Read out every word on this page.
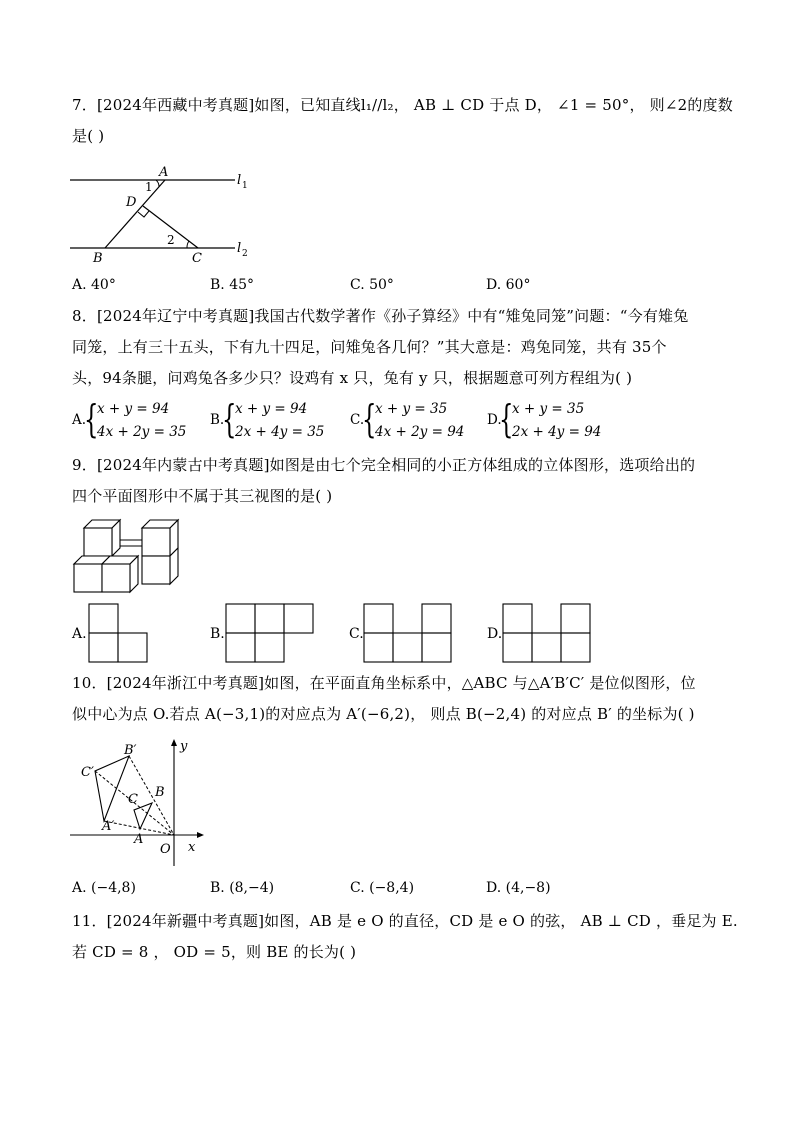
7．[2024年西藏中考真题]如图，已知直线l₁//l₂， AB ⊥ CD 于点 D， ∠1 = 50°， 则∠2的度数
是( )
A
D
1
2
B	C
l 1
l 2
A. 40°	B. 45°	C. 50°	D. 60°
8．[2024年辽宁中考真题]我国古代数学著作《孙子算经》中有“雉兔同笼”问题：“今有雉兔
同笼，上有三十五头，下有九十四足，问雉兔各几何？”其大意是：鸡兔同笼，共有 35个
头，94条腿，问鸡兔各多少只？设鸡有 x 只，兔有 y 只，根据题意可列方程组为( )
A.
{
x + y = 94
4x + 2y = 35
B.
{
x + y = 94
2x + 4y = 35
C.
{
x + y = 35
4x + 2y = 94
D.
{
x + y = 35
2x + 4y = 94
9．[2024年内蒙古中考真题]如图是由七个完全相同的小正方体组成的立体图形，选项给出的
四个平面图形中不属于其三视图的是( )
A.	B.	C.	D.
10．[2024年浙江中考真题]如图，在平面直角坐标系中，△ABC 与△A′B′C′ 是位似图形，位
似中心为点 O.若点 A(−3,1)的对应点为 A′(−6,2)， 则点 B(−2,4) 的对应点 B′ 的坐标为( )
B′
C′
A′
B
C
A
O x
y
A. (−4,8)	B. (8,−4)	C. (−8,4)	D. (4,−8)
11．[2024年新疆中考真题]如图，AB 是 e O 的直径，CD 是 e O 的弦， AB ⊥ CD ，垂足为 E.
若 CD = 8 ， OD = 5，则 BE 的长为( )
